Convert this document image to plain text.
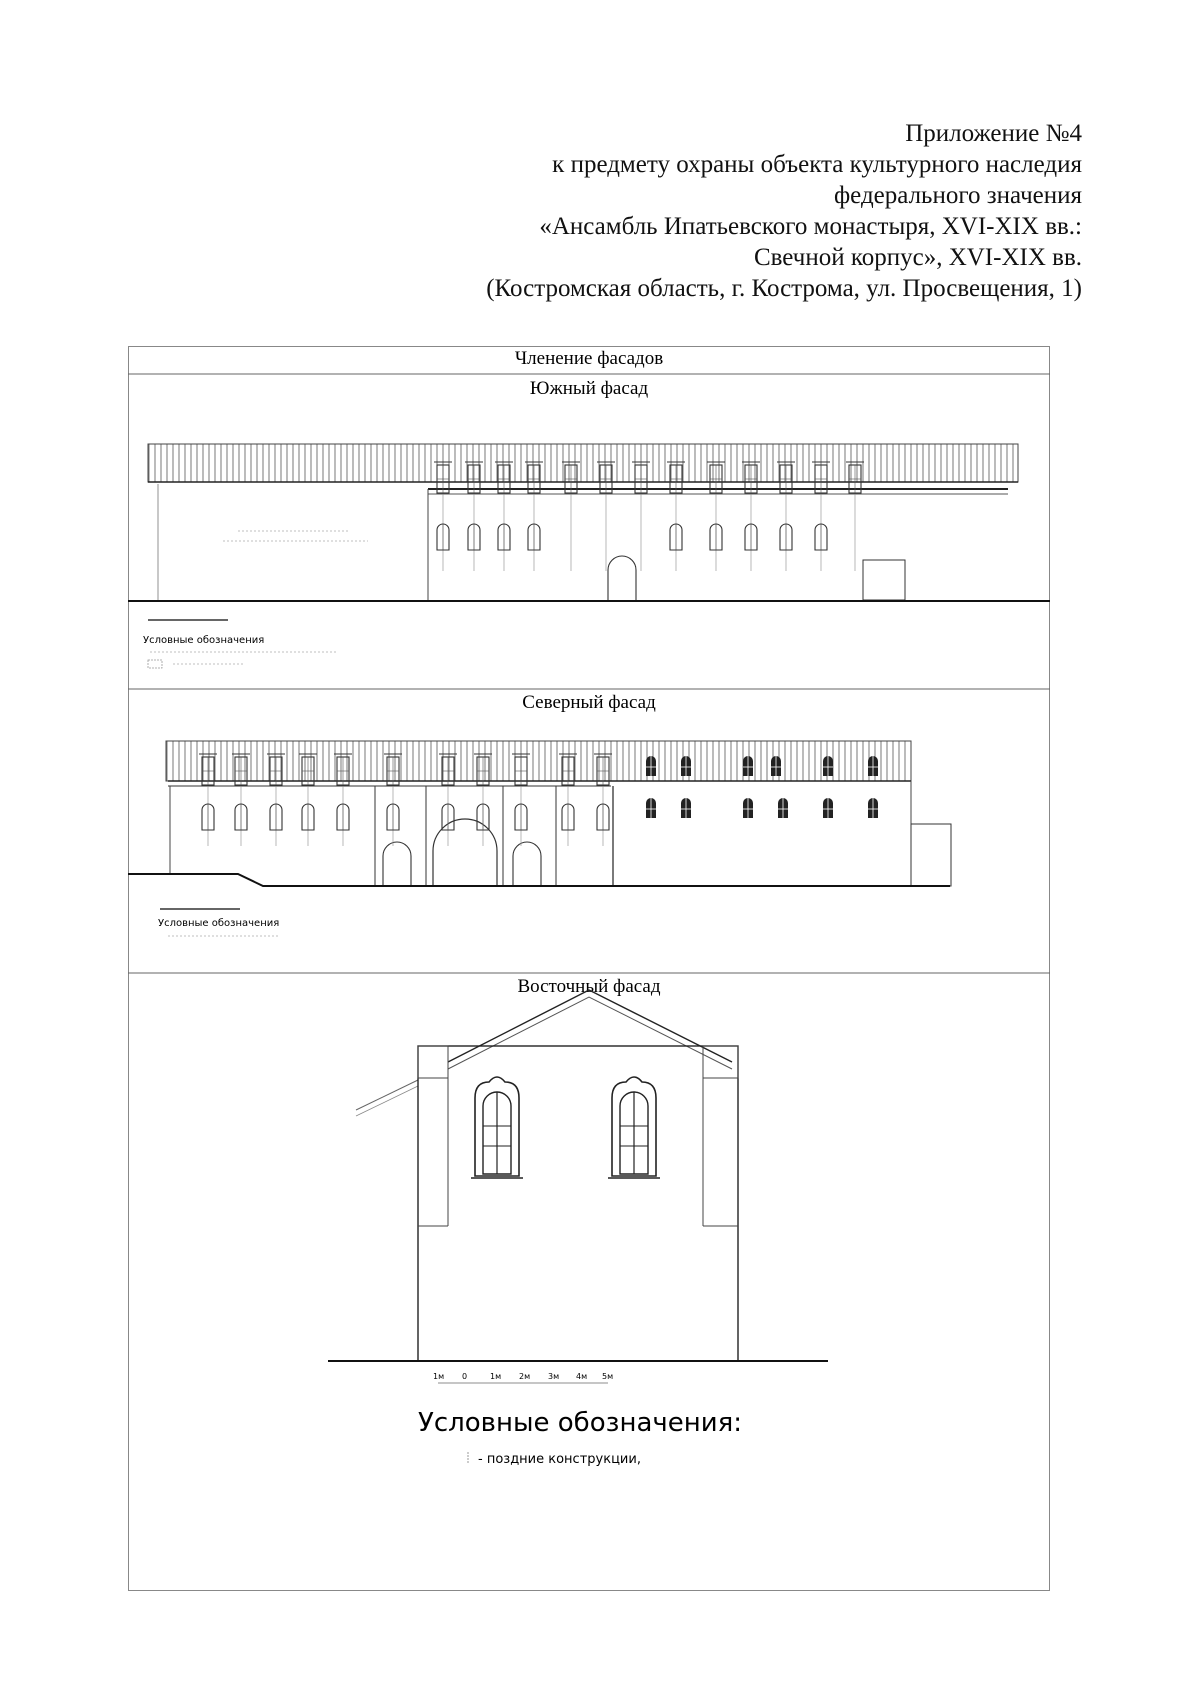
Приложение №4
к предмету охраны объекта культурного наследия
федерального значения
«Ансамбль Ипатьевского монастыря, XVI-XIX вв.:
Свечной корпус», XVI-XIX вв.
(Костромская область, г. Кострома, ул. Просвещения, 1)
Членение фасадов
Южный фасад
Условные обозначения
Северный фасад
Условные обозначения
Восточный фасад
1м 0	1м 2м 3м 4м 5м
Условные обозначения:
- поздние конструкции,
